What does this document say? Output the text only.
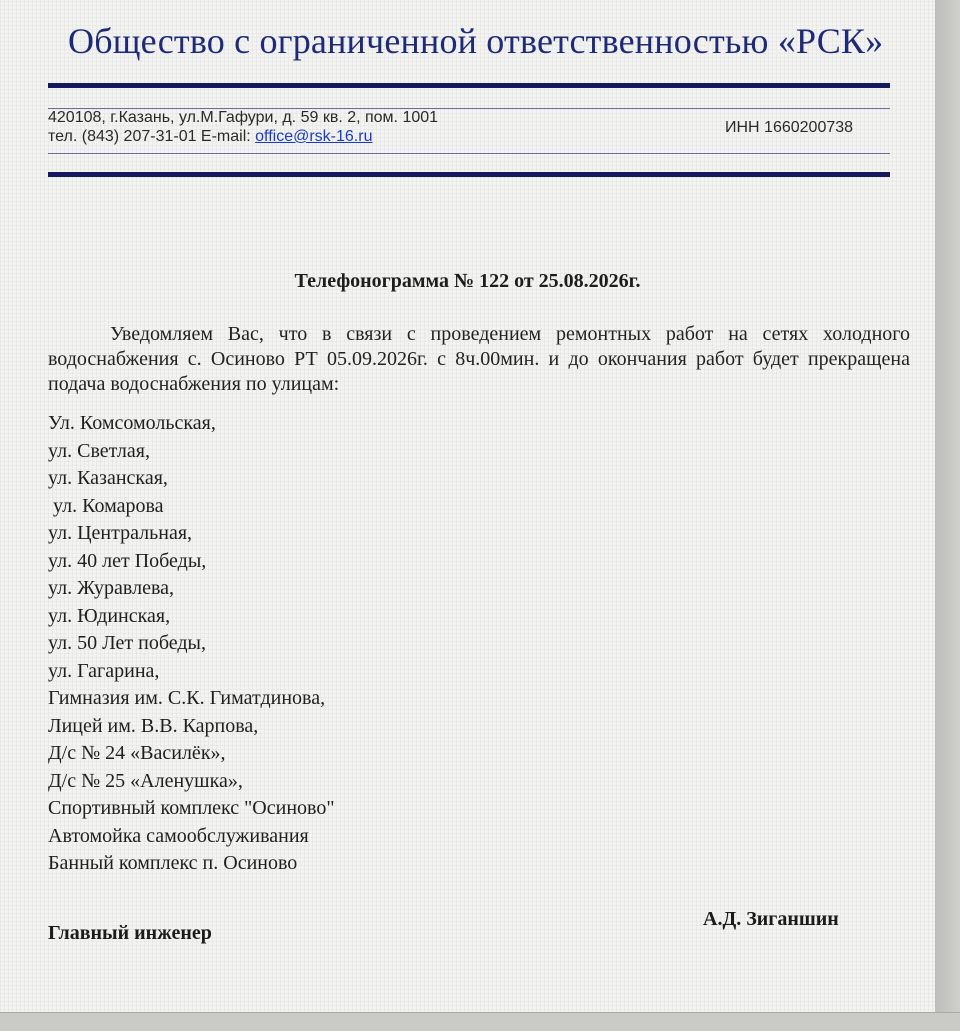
Общество с ограниченной ответственностью «РСК»
420108, г.Казань, ул.М.Гафури, д. 59 кв. 2, пом. 1001
тел. (843) 207-31-01 E-mail: office@rsk-16.ru
ИНН 1660200738
Телефонограмма № 122 от 25.08.2026г.
Уведомляем Вас, что в связи с проведением ремонтных работ на сетях холодного водоснабжения с. Осиново РТ 05.09.2026г. с 8ч.00мин. и до окончания работ будет прекращена подача водоснабжения по улицам:
Ул. Комсомольская,
ул. Светлая,
ул. Казанская,
ул. Комарова
ул. Центральная,
ул. 40 лет Победы,
ул. Журавлева,
ул. Юдинская,
ул. 50 Лет победы,
ул. Гагарина,
Гимназия им. С.К. Гиматдинова,
Лицей им. В.В. Карпова,
Д/с № 24 «Василёк»,
Д/с № 25 «Аленушка»,
Спортивный комплекс "Осиново"
Автомойка самообслуживания
Банный комплекс п. Осиново
Главный инженер
А.Д. Зиганшин
